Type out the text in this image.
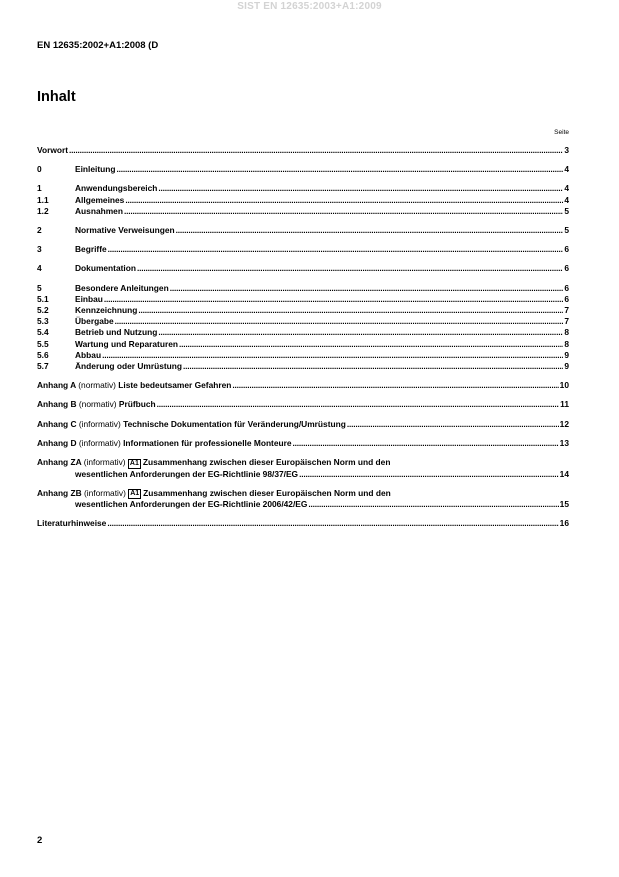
SIST EN 12635:2003+A1:2009
EN 12635:2002+A1:2008 (D
Inhalt
Seite
Vorwort .....	3
0	Einleitung .....	4
1	Anwendungsbereich .....	4
1.1	Allgemeines .....	4
1.2	Ausnahmen .....	5
2	Normative Verweisungen .....	5
3	Begriffe .....	6
4	Dokumentation .....	6
5	Besondere Anleitungen .....	6
5.1	Einbau .....	6
5.2	Kennzeichnung .....	7
5.3	Übergabe .....	7
5.4	Betrieb und Nutzung .....	8
5.5	Wartung und Reparaturen .....	8
5.6	Abbau .....	9
5.7	Änderung oder Umrüstung .....	9
Anhang A (normativ) Liste bedeutsamer Gefahren .....	10
Anhang B (normativ) Prüfbuch .....	11
Anhang C (informativ) Technische Dokumentation für Veränderung/Umrüstung .....	12
Anhang D (informativ) Informationen für professionelle Monteure .....	13
Anhang ZA (informativ) A1 Zusammenhang zwischen dieser Europäischen Norm und den
wesentlichen Anforderungen der EG-Richtlinie 98/37/EG .....	14
Anhang ZB (informativ) A1 Zusammenhang zwischen dieser Europäischen Norm und den
wesentlichen Anforderungen der EG-Richtlinie 2006/42/EG .....	15
Literaturhinweise .....	16
2
